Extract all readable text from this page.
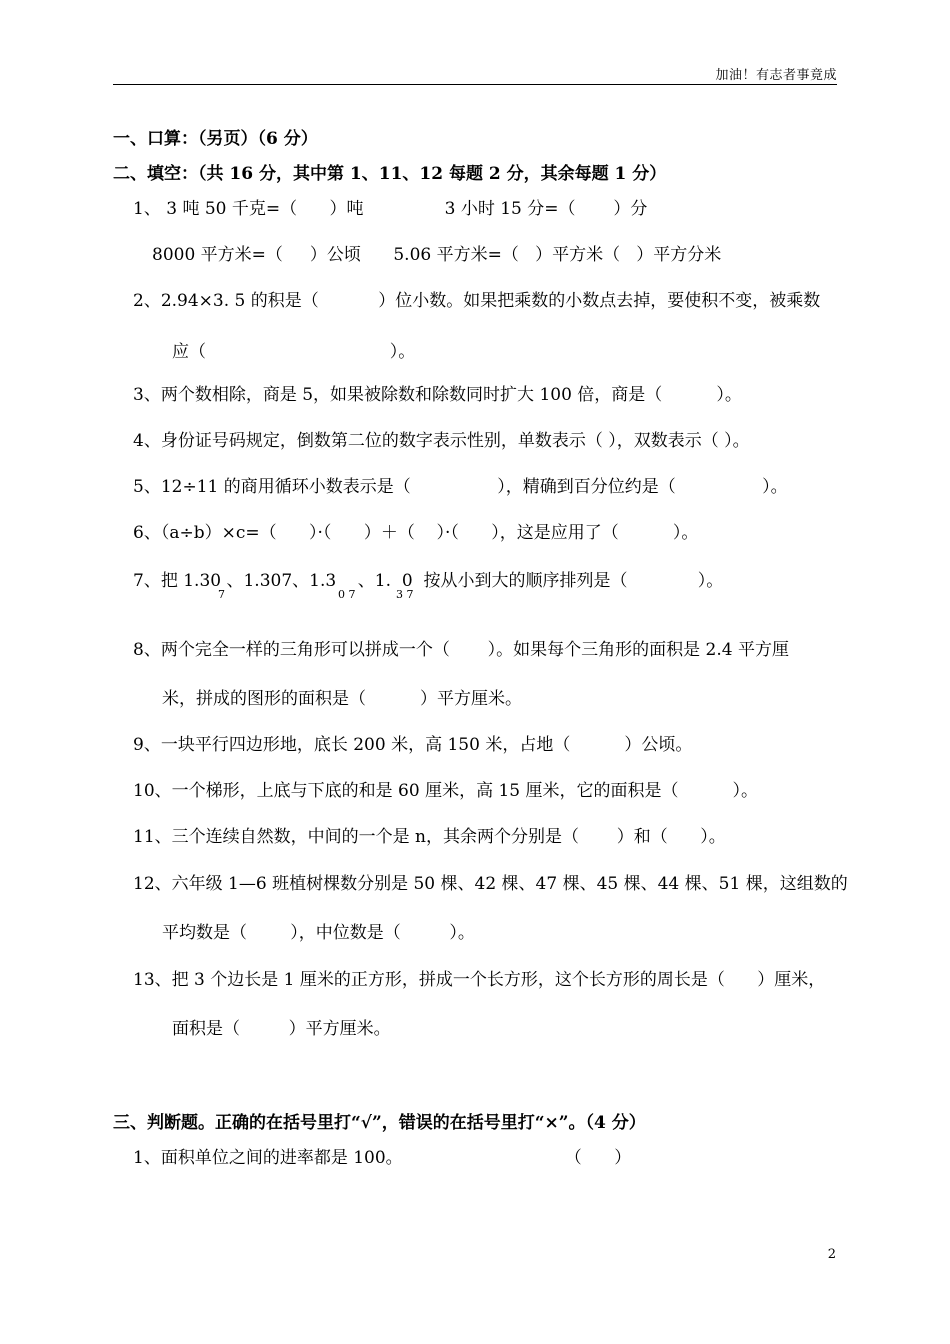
加油！有志者事竟成
一、口算：（另页）（6 分）
二、填空：（共 16 分，其中第 1、11、12 每题 2 分，其余每题 1 分）
1、 3 吨 50 千克=（      ）吨               3 小时 15 分=（       ）分
8000 平方米=（     ）公顷      5.06 平方米=（   ）平方米（   ）平方分米
2、2.94×3. 5 的积是（           ）位小数。如果把乘数的小数点去掉，要使积不变，被乘数
应（                                  ）。
3、两个数相除，商是 5，如果被除数和除数同时扩大 100 倍，商是（          ）。
4、身份证号码规定，倒数第二位的数字表示性别，单数表示（ ），双数表示（ ）。
5、12÷11 的商用循环小数表示是（                ），精确到百分位约是（                ）。
6、（a÷b）×c=（      ）·（      ）＋（    ）·（      ），这是应用了（          ）。
7、把 1.30 、1.307、1.3    、1.  0  按从小到大的顺序排列是（             ）。
7	0 7	3 7
8、两个完全一样的三角形可以拼成一个（       ）。如果每个三角形的面积是 2.4 平方厘
米，拼成的图形的面积是（          ）平方厘米。
9、一块平行四边形地，底长 200 米，高 150 米，占地（          ）公顷。
10、一个梯形，上底与下底的和是 60 厘米，高 15 厘米，它的面积是（          ）。
11、三个连续自然数，中间的一个是 n，其余两个分别是（       ）和（      ）。
12、六年级 1—6 班植树棵数分别是 50 棵、42 棵、47 棵、45 棵、44 棵、51 棵，这组数的
平均数是（        ），中位数是（         ）。
13、把 3 个边长是 1 厘米的正方形，拼成一个长方形，这个长方形的周长是（      ）厘米，
面积是（         ）平方厘米。
三、判断题。正确的在括号里打“√”，错误的在括号里打“×”。（4 分）
1、面积单位之间的进率都是 100。                              （      ）
2
